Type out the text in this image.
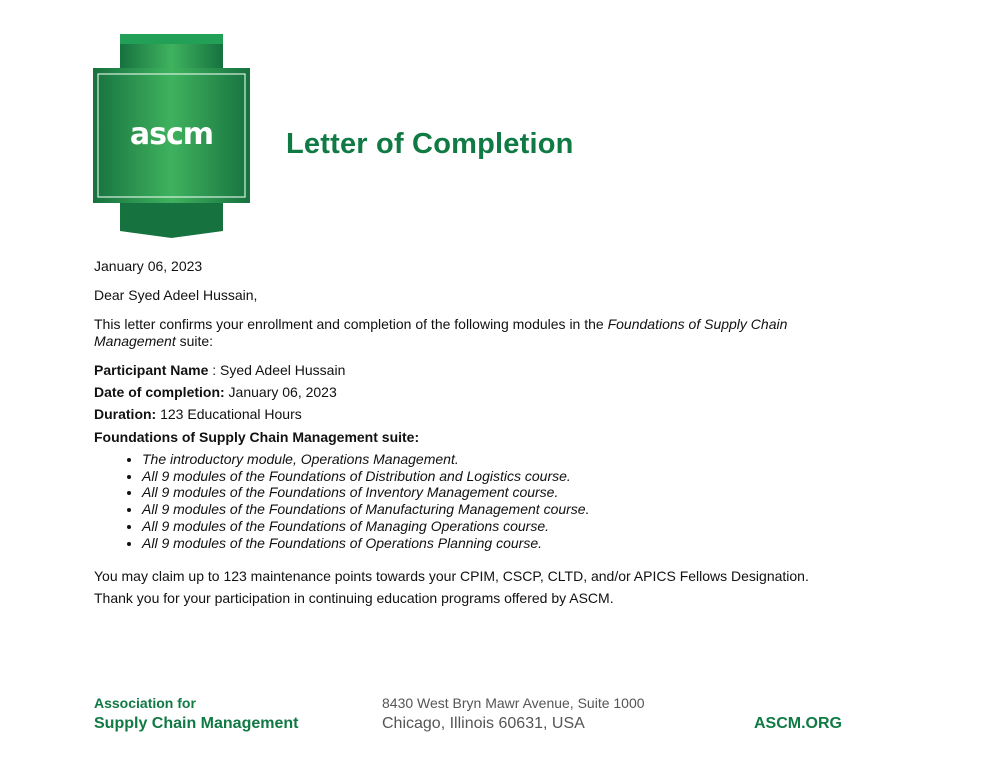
ascm	Letter of Completion

January 06, 2023

Dear Syed Adeel Hussain,

This letter confirms your enrollment and completion of the following modules in the Foundations of Supply Chain Management suite:

Participant Name : Syed Adeel Hussain

Date of completion: January 06, 2023

Duration: 123 Educational Hours

Foundations of Supply Chain Management suite:

• The introductory module, Operations Management.
• All 9 modules of the Foundations of Distribution and Logistics course.
• All 9 modules of the Foundations of Inventory Management course.
• All 9 modules of the Foundations of Manufacturing Management course.
• All 9 modules of the Foundations of Managing Operations course.
• All 9 modules of the Foundations of Operations Planning course.

You may claim up to 123 maintenance points towards your CPIM, CSCP, CLTD, and/or APICS Fellows Designation.

Thank you for your participation in continuing education programs offered by ASCM.

Association for
Supply Chain Management
8430 West Bryn Mawr Avenue, Suite 1000
Chicago, Illinois 60631, USA	ASCM.ORG
